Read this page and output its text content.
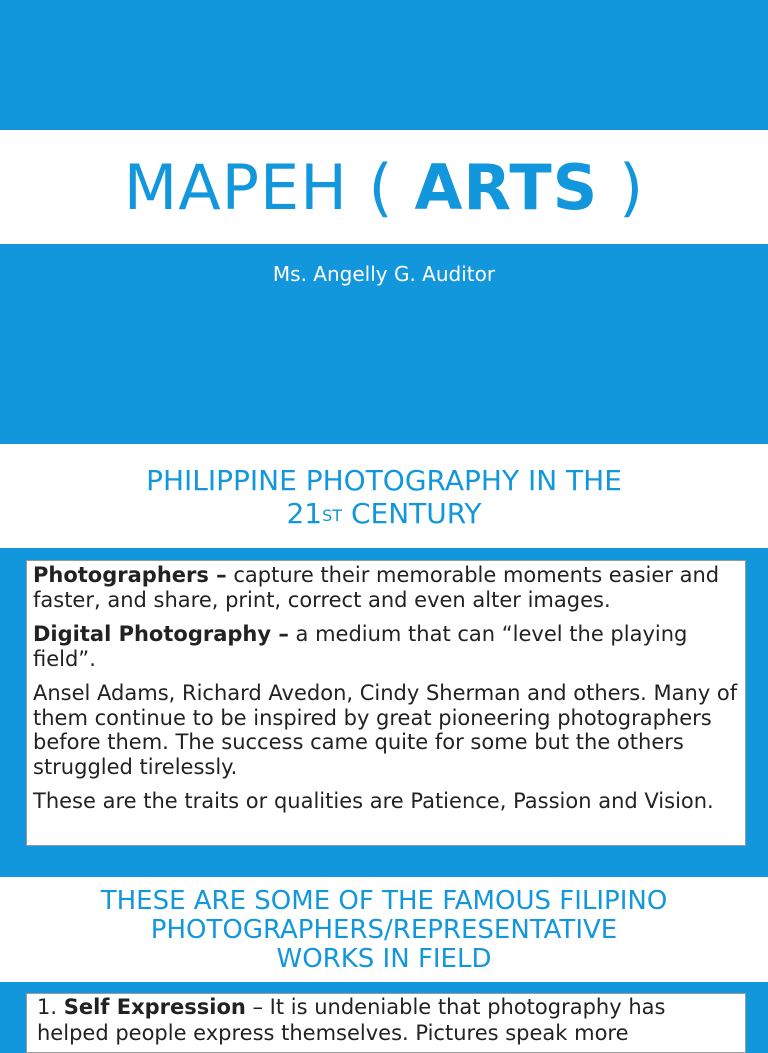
MAPEH ( ARTS )
Ms. Angelly G. Auditor
PHILIPPINE PHOTOGRAPHY IN THE
21ST CENTURY

Photographers – capture their memorable moments easier and faster, and share, print, correct and even alter images.

Digital Photography – a medium that can “level the playing field”.

Ansel Adams, Richard Avedon, Cindy Sherman and others. Many of them continue to be inspired by great pioneering photographers before them. The success came quite for some but the others struggled tirelessly.

These are the traits or qualities are Patience, Passion and Vision.

THESE ARE SOME OF THE FAMOUS FILIPINO
PHOTOGRAPHERS/REPRESENTATIVE
WORKS IN FIELD
1. Self Expression – It is undeniable that photography has helped people express themselves. Pictures speak more
